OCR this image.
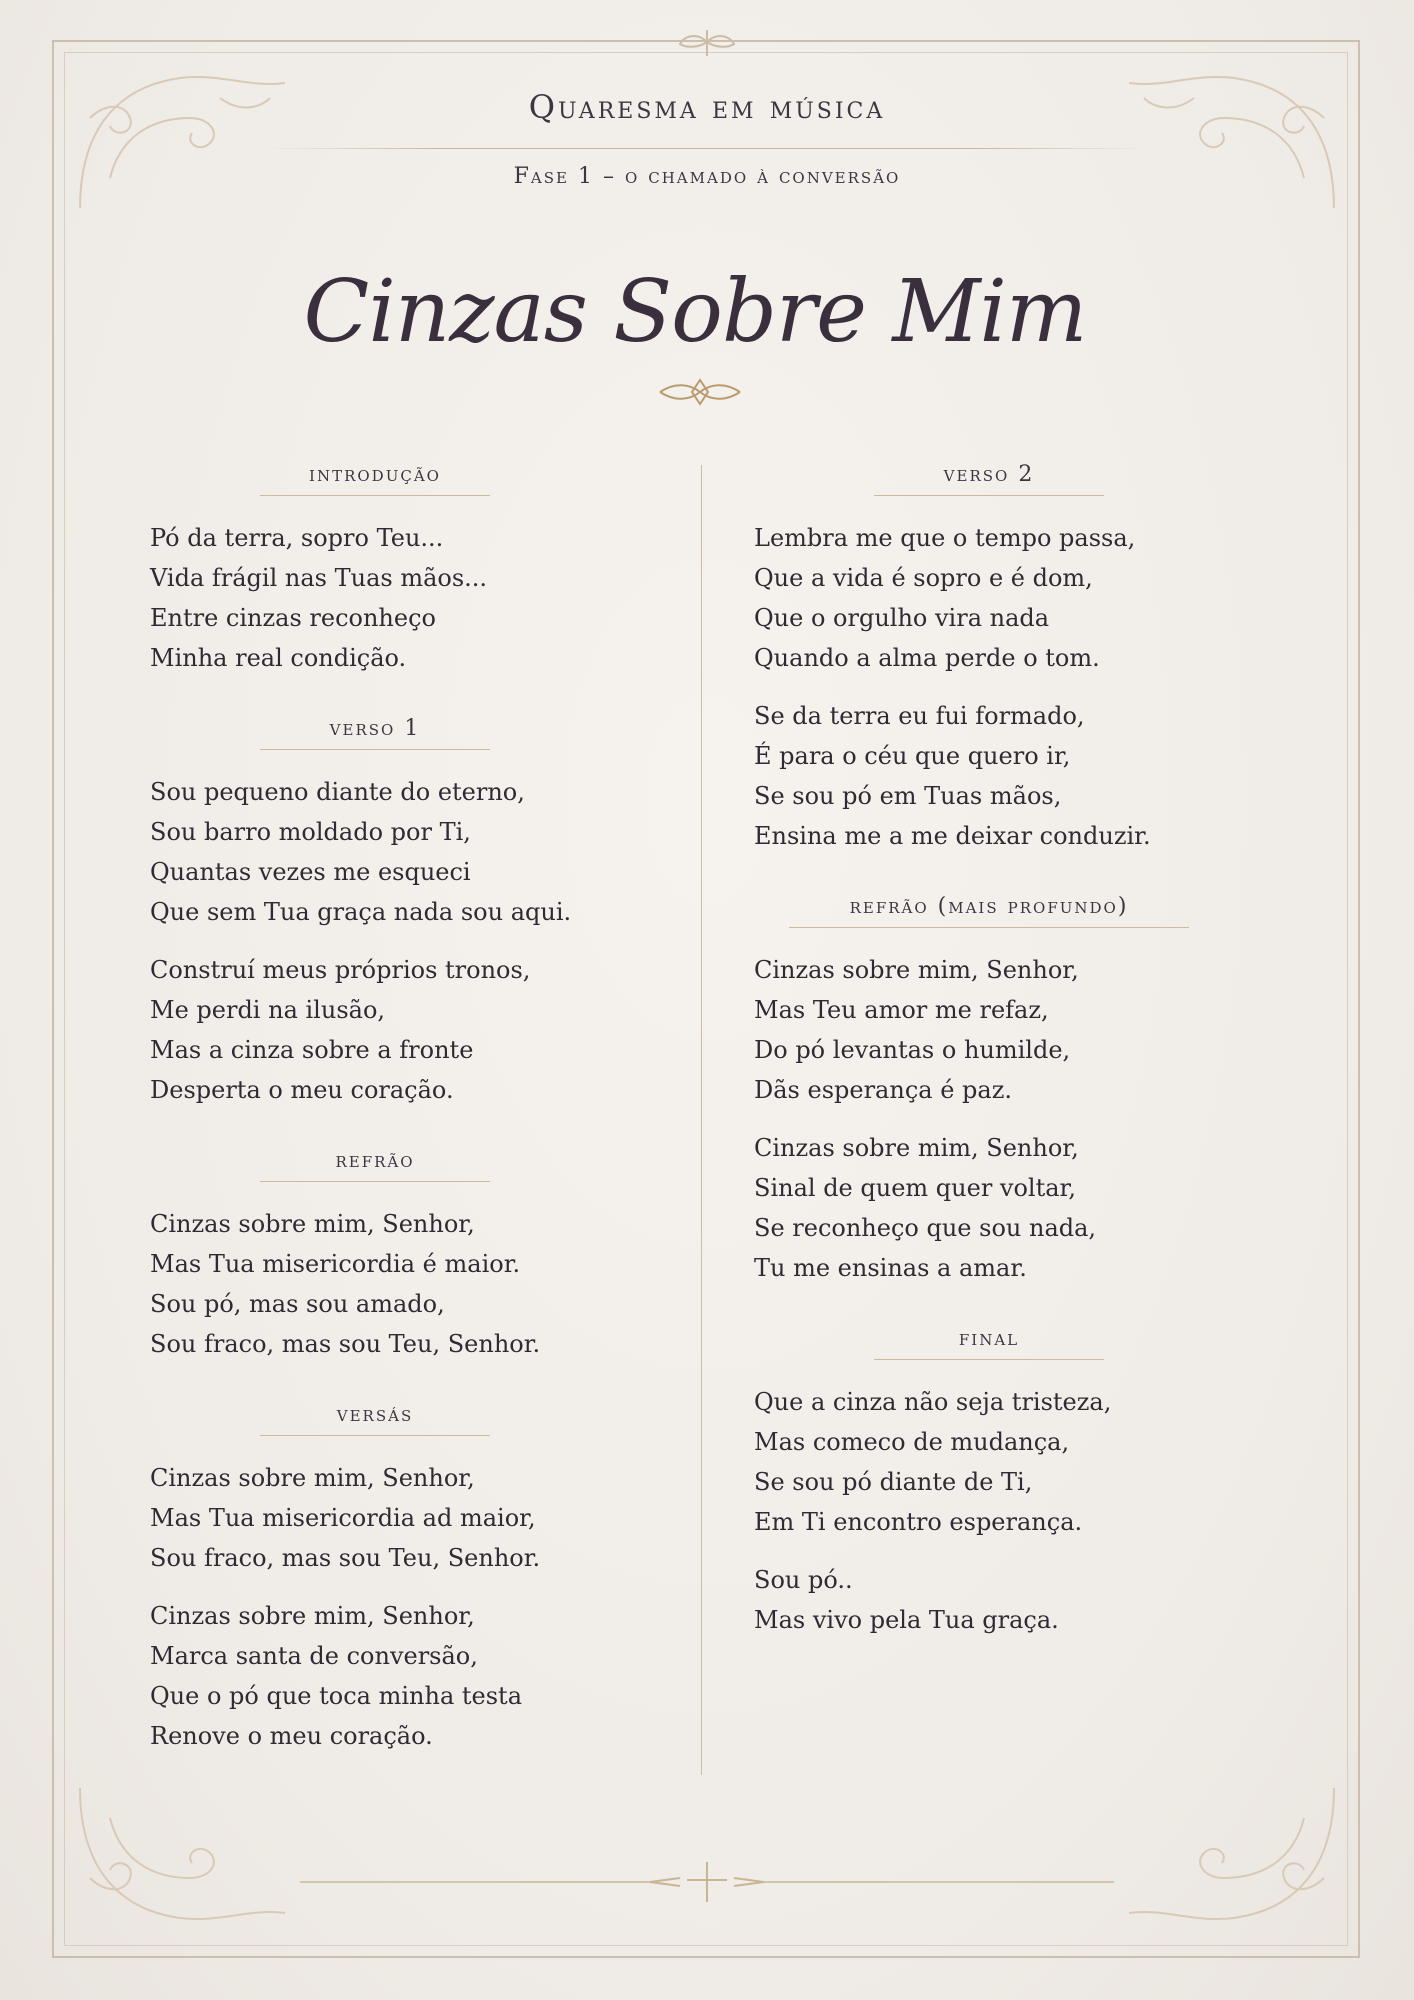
Quaresma em música
Fase 1 – o chamado à conversão
Cinzas Sobre Mim
introdução
Pó da terra, sopro Teu...
Vida frágil nas Tuas mãos...
Entre cinzas reconheço
Minha real condição.
verso 1
Sou pequeno diante do eterno,
Sou barro moldado por Ti,
Quantas vezes me esqueci
Que sem Tua graça nada sou aqui.
Construí meus próprios tronos,
Me perdi na ilusão,
Mas a cinza sobre a fronte
Desperta o meu coração.
refrão
Cinzas sobre mim, Senhor,
Mas Tua misericordia é maior.
Sou pó, mas sou amado,
Sou fraco, mas sou Teu, Senhor.
versás
Cinzas sobre mim, Senhor,
Mas Tua misericordia ad maior,
Sou fraco, mas sou Teu, Senhor.
Cinzas sobre mim, Senhor,
Marca santa de conversão,
Que o pó que toca minha testa
Renove o meu coração.
verso 2
Lembra me que o tempo passa,
Que a vida é sopro e é dom,
Que o orgulho vira nada
Quando a alma perde o tom.
Se da terra eu fui formado,
É para o céu que quero ir,
Se sou pó em Tuas mãos,
Ensina me a me deixar conduzir.
refrão (mais profundo)
Cinzas sobre mim, Senhor,
Mas Teu amor me refaz,
Do pó levantas o humilde,
Dãs esperança é paz.
Cinzas sobre mim, Senhor,
Sinal de quem quer voltar,
Se reconheço que sou nada,
Tu me ensinas a amar.
final
Que a cinza não seja tristeza,
Mas comeco de mudança,
Se sou pó diante de Ti,
Em Ti encontro esperança.
Sou pó..
Mas vivo pela Tua graça.
